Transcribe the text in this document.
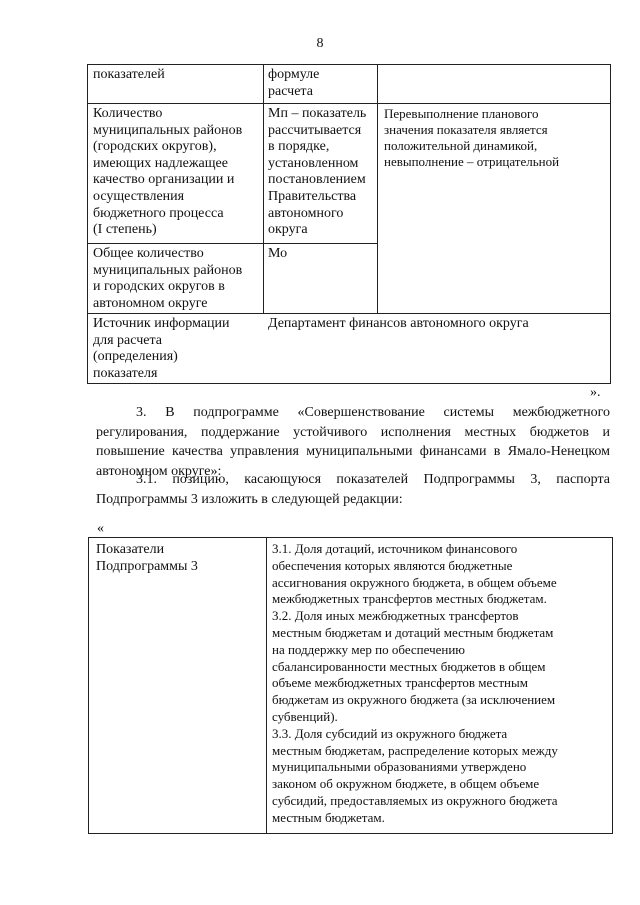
8
показателей	формуле
расчета
Количество
муниципальных районов
(городских округов),
имеющих надлежащее
качество организации и
осуществления
бюджетного процесса
(I степень)
Мп – показатель
рассчитывается
в порядке,
установленном
постановлением
Правительства
автономного
округа
Перевыполнение планового
значения показателя является
положительной динамикой,
невыполнение – отрицательной
Общее количество
муниципальных районов
и городских округов в
автономном округе
Мо
Источник информации
для расчета
(определения)
показателя
Департамент финансов автономного округа
».
3. В подпрограмме «Совершенствование системы межбюджетного регулирования, поддержание устойчивого исполнения местных бюджетов и повышение качества управления муниципальными финансами в Ямало-Ненецком автономном округе»:
3.1. позицию, касающуюся показателей Подпрограммы 3, паспорта Подпрограммы 3 изложить в следующей редакции:
«
Показатели
Подпрограммы 3
3.1. Доля дотаций, источником финансового
обеспечения которых являются бюджетные
ассигнования окружного бюджета, в общем объеме
межбюджетных трансфертов местных бюджетам.
3.2. Доля иных межбюджетных трансфертов
местным бюджетам и дотаций местным бюджетам
на поддержку мер по обеспечению
сбалансированности местных бюджетов в общем
объеме межбюджетных трансфертов местным
бюджетам из окружного бюджета (за исключением
субвенций).
3.3. Доля субсидий из окружного бюджета
местным бюджетам, распределение которых между
муниципальными образованиями утверждено
законом об окружном бюджете, в общем объеме
субсидий, предоставляемых из окружного бюджета
местным бюджетам.
